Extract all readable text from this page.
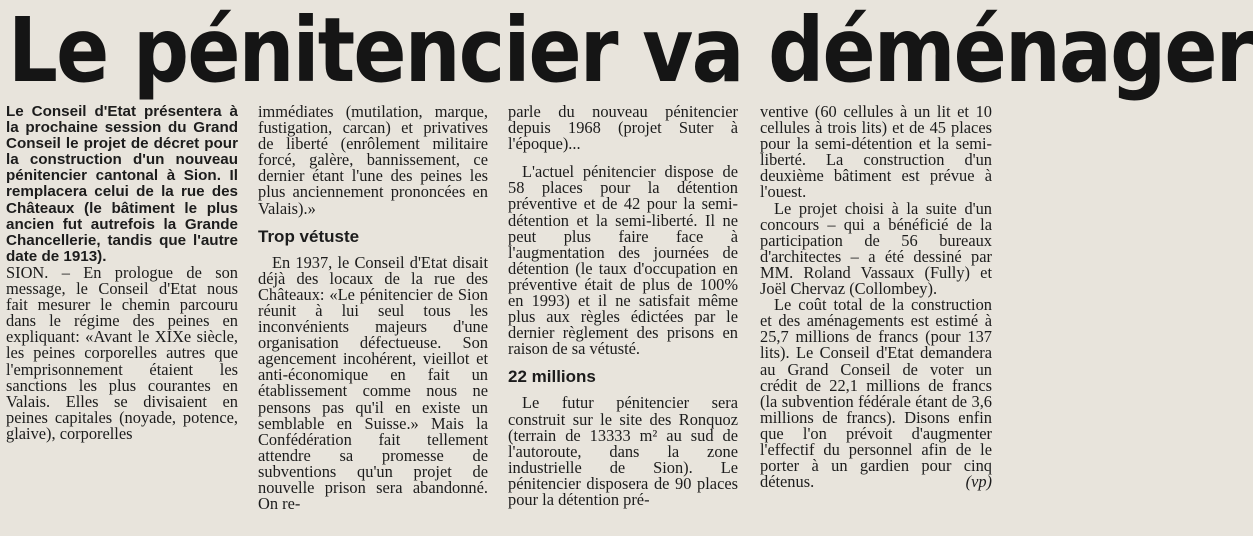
Le pénitencier va déménager

Le Conseil d'Etat présentera à la prochaine session du Grand Conseil le projet de décret pour la construction d'un nouveau pénitencier cantonal à Sion. Il remplacera celui de la rue des Châteaux (le bâtiment le plus ancien fut autrefois la Grande Chancellerie, tandis que l'autre date de 1913).

SION. – En prologue de son message, le Conseil d'Etat nous fait mesurer le chemin parcouru dans le régime des peines en expliquant: «Avant le XIXe siècle, les peines corporelles autres que l'emprisonnement étaient les sanctions les plus courantes en Valais. Elles se divisaient en peines capitales (noyade, potence, glaive), corporelles

immédiates (mutilation, marque, fustigation, carcan) et privatives de liberté (enrôlement militaire forcé, galère, bannissement, ce dernier étant l'une des peines les plus anciennement prononcées en Valais).»

Trop vétuste

En 1937, le Conseil d'Etat disait déjà des locaux de la rue des Châteaux: «Le pénitencier de Sion réunit à lui seul tous les inconvénients majeurs d'une organisation défectueuse. Son agencement incohérent, vieillot et anti-économique en fait un établissement comme nous ne pensons pas qu'il en existe un semblable en Suisse.» Mais la Confédération fait tellement attendre sa promesse de subventions qu'un projet de nouvelle prison sera abandonné. On re-

parle du nouveau pénitencier depuis 1968 (projet Suter à l'époque)...

L'actuel pénitencier dispose de 58 places pour la détention préventive et de 42 pour la semi-détention et la semi-liberté. Il ne peut plus faire face à l'augmentation des journées de détention (le taux d'occupation en préventive était de plus de 100% en 1993) et il ne satisfait même plus aux règles édictées par le dernier règlement des prisons en raison de sa vétusté.

22 millions

Le futur pénitencier sera construit sur le site des Ronquoz (terrain de 13333 m² au sud de l'autoroute, dans la zone industrielle de Sion). Le pénitencier disposera de 90 places pour la détention pré-

ventive (60 cellules à un lit et 10 cellules à trois lits) et de 45 places pour la semi-détention et la semi-liberté. La construction d'un deuxième bâtiment est prévue à l'ouest.

Le projet choisi à la suite d'un concours – qui a bénéficié de la participation de 56 bureaux d'architectes – a été dessiné par MM. Roland Vassaux (Fully) et Joël Chervaz (Collombey).

Le coût total de la construction et des aménagements est estimé à 25,7 millions de francs (pour 137 lits). Le Conseil d'Etat demandera au Grand Conseil de voter un crédit de 22,1 millions de francs (la subvention fédérale étant de 3,6 millions de francs). Disons enfin que l'on prévoit d'augmenter l'effectif du personnel afin de le porter à un gardien pour cinq détenus.	(vp)
